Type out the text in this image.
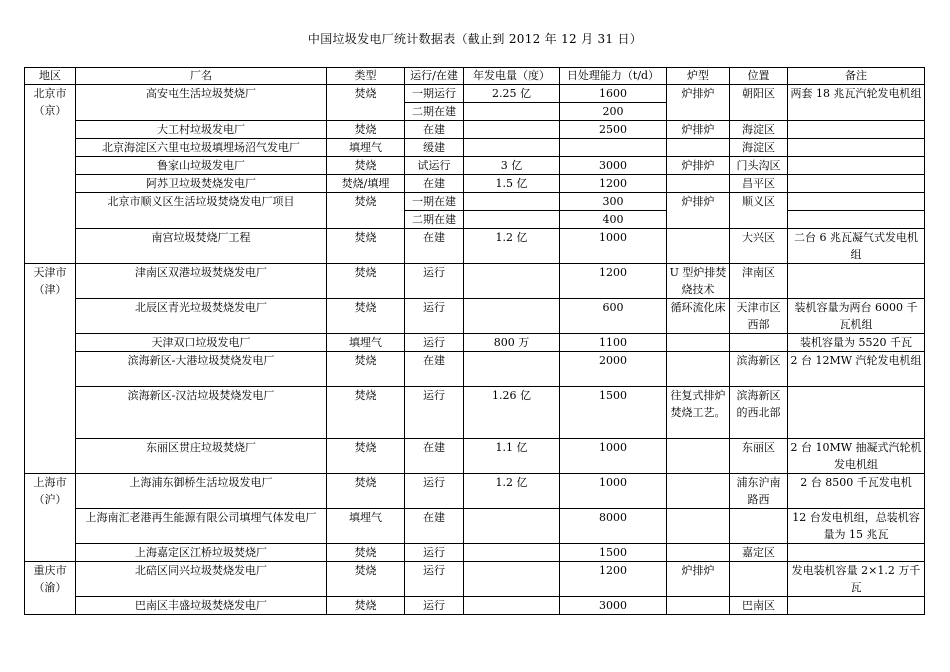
中国垃圾发电厂统计数据表（截止到 2012 年 12 月 31 日）
地区	厂名	类型	运行/在建	年发电量（度）	日处理能力（t/d）	炉型	位置	备注
北京市（京）	高安屯生活垃圾焚烧厂	焚烧	一期运行	2.25 亿	1600	炉排炉	朝阳区	两套 18 兆瓦汽轮发电机组
			二期在建		200			
	大工村垃圾发电厂	焚烧	在建		2500	炉排炉	海淀区	
	北京海淀区六里屯垃圾填埋场沼气发电厂	填埋气	缓建				海淀区	
	鲁家山垃圾发电厂	焚烧	试运行	3 亿	3000	炉排炉	门头沟区	
	阿苏卫垃圾焚烧发电厂	焚烧/填埋	在建	1.5 亿	1200		昌平区	
	北京市顺义区生活垃圾焚烧发电厂项目	焚烧	一期在建		300	炉排炉	顺义区	
			二期在建		400			
	南宫垃圾焚烧厂工程	焚烧	在建	1.2 亿	1000		大兴区	二台 6 兆瓦凝气式发电机组

天津市（津）	津南区双港垃圾焚烧发电厂	焚烧	运行		1200	U 型炉排焚烧技术	津南区	
	北辰区青光垃圾焚烧发电厂	焚烧	运行		600	循环流化床	天津市区西部	装机容量为两台 6000 千瓦机组
	天津双口垃圾发电厂	填埋气	运行	800 万	1100			装机容量为 5520 千瓦
	滨海新区-大港垃圾焚烧发电厂	焚烧	在建		2000		滨海新区	2 台 12MW 汽轮发电机组
	滨海新区-汉沽垃圾焚烧发电厂	焚烧	运行	1.26 亿	1500	往复式排炉焚烧工艺。	滨海新区的西北部	
	东丽区贯庄垃圾焚烧厂	焚烧	在建	1.1 亿	1000		东丽区	2 台 10MW 抽凝式汽轮机发电机组

上海市（沪）	上海浦东御桥生活垃圾发电厂	焚烧	运行	1.2 亿	1000		浦东沪南路西	2 台 8500 千瓦发电机
	上海南汇老港再生能源有限公司填埋气体发电厂	填埋气	在建		8000			12 台发电机组，总装机容量为 15 兆瓦
	上海嘉定区江桥垃圾焚烧厂	焚烧	运行		1500		嘉定区	
重庆市（渝）	北碚区同兴垃圾焚烧发电厂	焚烧	运行		1200	炉排炉		发电装机容量 2×1.2 万千瓦
	巴南区丰盛垃圾焚烧发电厂	焚烧	运行		3000		巴南区	
